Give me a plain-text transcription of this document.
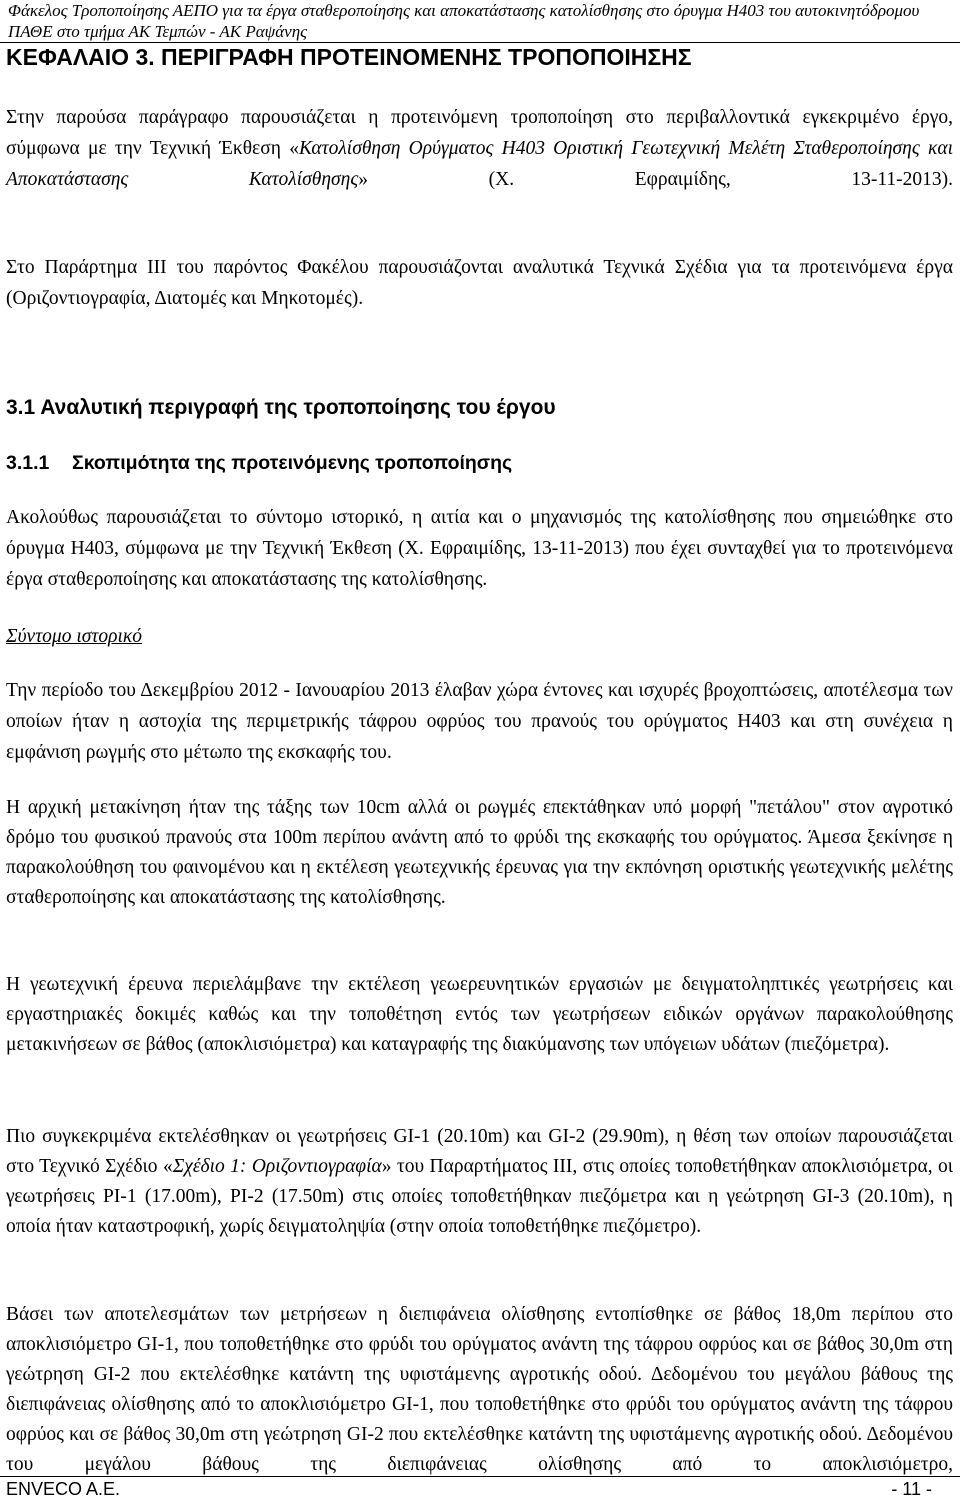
Φάκελος Τροποποίησης ΑΕΠΟ για τα έργα σταθεροποίησης και αποκατάστασης κατολίσθησης στο όρυγμα Η403 του αυτοκινητόδρομου ΠΑΘΕ στο τμήμα ΑΚ Τεμπών - ΑΚ Ραψάνης
ΚΕΦΑΛΑΙΟ 3. ΠΕΡΙΓΡΑΦΗ ΠΡΟΤΕΙΝΟΜΕΝΗΣ ΤΡΟΠΟΠΟΙΗΣΗΣ

Στην παρούσα παράγραφο παρουσιάζεται η προτεινόμενη τροποποίηση στο περιβαλλοντικά εγκεκριμένο έργο, σύμφωνα με την Τεχνική Έκθεση «Κατολίσθηση Ορύγματος Η403 Οριστική Γεωτεχνική Μελέτη Σταθεροποίησης και Αποκατάστασης Κατολίσθησης» (Χ. Εφραιμίδης, 13-11-2013).

Στο Παράρτημα ΙΙΙ του παρόντος Φακέλου παρουσιάζονται αναλυτικά Τεχνικά Σχέδια για τα προτεινόμενα έργα (Οριζοντιογραφία, Διατομές και Μηκοτομές).

3.1 Αναλυτική περιγραφή της τροποποίησης του έργου
3.1.1 Σκοπιμότητα της προτεινόμενης τροποποίησης

Ακολούθως παρουσιάζεται το σύντομο ιστορικό, η αιτία και ο μηχανισμός της κατολίσθησης που σημειώθηκε στο όρυγμα Η403, σύμφωνα με την Τεχνική Έκθεση (Χ. Εφραιμίδης, 13-11-2013) που έχει συνταχθεί για το προτεινόμενα έργα σταθεροποίησης και αποκατάστασης της κατολίσθησης.

Σύντομο ιστορικό

Την περίοδο του Δεκεμβρίου 2012 - Ιανουαρίου 2013 έλαβαν χώρα έντονες και ισχυρές βροχοπτώσεις, αποτέλεσμα των οποίων ήταν η αστοχία της περιμετρικής τάφρου οφρύος του πρανούς του ορύγματος Η403 και στη συνέχεια η εμφάνιση ρωγμής στο μέτωπο της εκσκαφής του.

Η αρχική μετακίνηση ήταν της τάξης των 10cm αλλά οι ρωγμές επεκτάθηκαν υπό μορφή "πετάλου" στον αγροτικό δρόμο του φυσικού πρανούς στα 100m περίπου ανάντη από το φρύδι της εκσκαφής του ορύγματος. Άμεσα ξεκίνησε η παρακολούθηση του φαινομένου και η εκτέλεση γεωτεχνικής έρευνας για την εκπόνηση οριστικής γεωτεχνικής μελέτης σταθεροποίησης και αποκατάστασης της κατολίσθησης.

Η γεωτεχνική έρευνα περιελάμβανε την εκτέλεση γεωερευνητικών εργασιών με δειγματοληπτικές γεωτρήσεις και εργαστηριακές δοκιμές καθώς και την τοποθέτηση εντός των γεωτρήσεων ειδικών οργάνων παρακολούθησης μετακινήσεων σε βάθος (αποκλισιόμετρα) και καταγραφής της διακύμανσης των υπόγειων υδάτων (πιεζόμετρα).

Πιο συγκεκριμένα εκτελέσθηκαν οι γεωτρήσεις GI-1 (20.10m) και GI-2 (29.90m), η θέση των οποίων παρουσιάζεται στο Τεχνικό Σχέδιο «Σχέδιο 1: Οριζοντιογραφία» του Παραρτήματος ΙΙΙ, στις οποίες τοποθετήθηκαν αποκλισιόμετρα, οι γεωτρήσεις PI-1 (17.00m), PI-2 (17.50m) στις οποίες τοποθετήθηκαν πιεζόμετρα και η γεώτρηση GI-3 (20.10m), η οποία ήταν καταστροφική, χωρίς δειγματοληψία (στην οποία τοποθετήθηκε πιεζόμετρο).

Βάσει των αποτελεσμάτων των μετρήσεων η διεπιφάνεια ολίσθησης εντοπίσθηκε σε βάθος 18,0m περίπου στο αποκλισιόμετρο GI-1, που τοποθετήθηκε στο φρύδι του ορύγματος ανάντη της τάφρου οφρύος και σε βάθος 30,0m στη γεώτρηση GI-2 που εκτελέσθηκε κατάντη της υφιστάμενης αγροτικής οδού. Δεδομένου του μεγάλου βάθους της διεπιφάνειας ολίσθησης από το αποκλισιόμετρο GI-1, που τοποθετήθηκε στο φρύδι του ορύγματος ανάντη της τάφρου οφρύος και σε βάθος 30,0m στη γεώτρηση GI-2 που εκτελέσθηκε κατάντη της υφιστάμενης αγροτικής οδού. Δεδομένου του μεγάλου βάθους της διεπιφάνειας ολίσθησης από το αποκλισιόμετρο,

ENVECO A.E.	- 11 -
